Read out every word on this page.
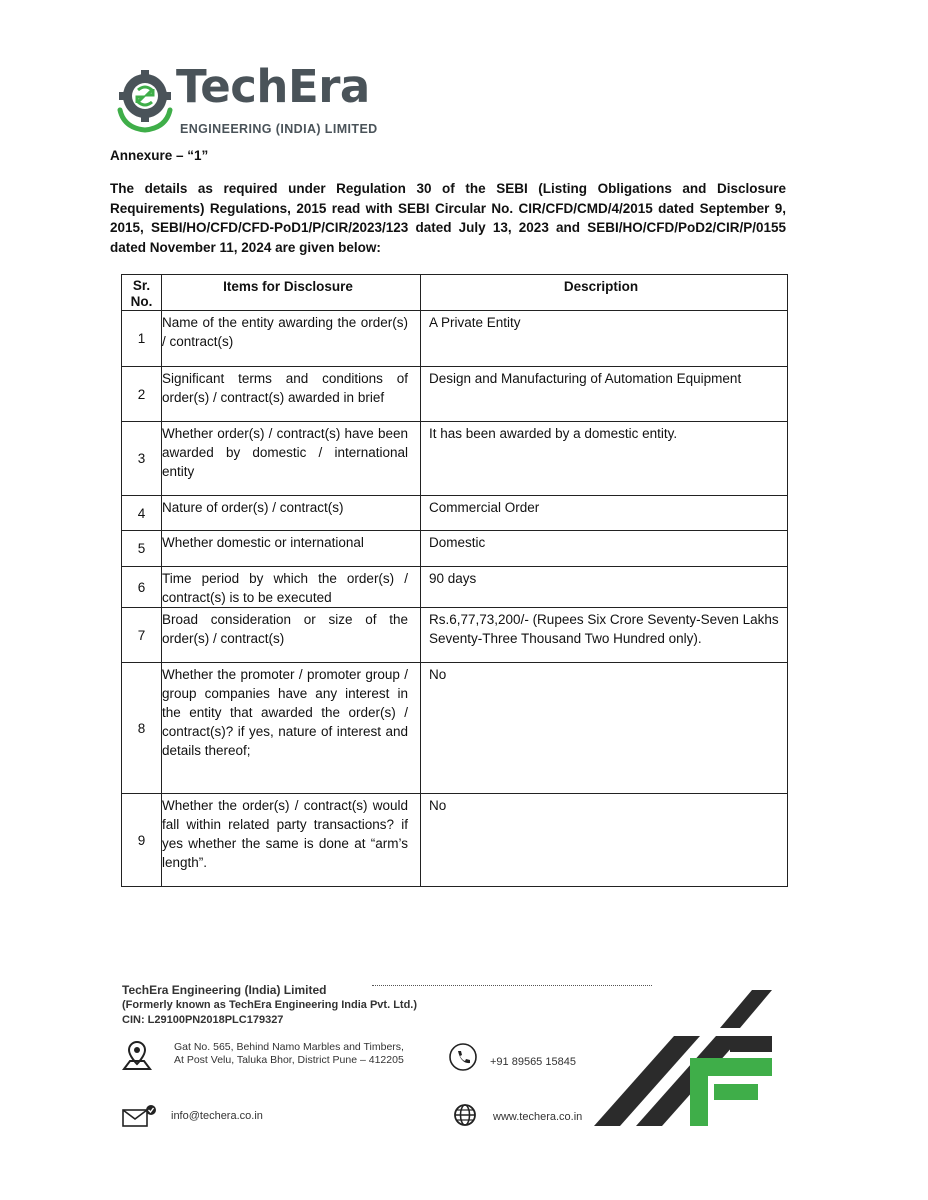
TechEra
ENGINEERING (INDIA) LIMITED
Annexure – “1”
The details as required under Regulation 30 of the SEBI (Listing Obligations and Disclosure Requirements) Regulations, 2015 read with SEBI Circular No. CIR/CFD/CMD/4/2015 dated September 9, 2015, SEBI/HO/CFD/CFD-PoD1/P/CIR/2023/123 dated July 13, 2023 and SEBI/HO/CFD/PoD2/CIR/P/0155 dated November 11, 2024 are given below:
Sr. No.	Items for Disclosure	Description
1	Name of the entity awarding the order(s) / contract(s)	A Private Entity
2	Significant terms and conditions of order(s) / contract(s) awarded in brief	Design and Manufacturing of Automation Equipment
3	Whether order(s) / contract(s) have been awarded by domestic / international entity	It has been awarded by a domestic entity.
4	Nature of order(s) / contract(s)	Commercial Order
5	Whether domestic or international	Domestic
6	Time period by which the order(s) / contract(s) is to be executed	90 days
7	Broad consideration or size of the order(s) / contract(s)	Rs.6,77,73,200/- (Rupees Six Crore Seventy-Seven Lakhs Seventy-Three Thousand Two Hundred only).
8	Whether the promoter / promoter group / group companies have any interest in the entity that awarded the order(s) / contract(s)? if yes, nature of interest and details thereof;	No
9	Whether the order(s) / contract(s) would fall within related party transactions? if yes whether the same is done at “arm’s length”.	No
TechEra Engineering (India) Limited
(Formerly known as TechEra Engineering India Pvt. Ltd.)
CIN: L29100PN2018PLC179327
Gat No. 565, Behind Namo Marbles and Timbers,
At Post Velu, Taluka Bhor, District Pune – 412205	+91 89565 15845
info@techera.co.in	www.techera.co.in
